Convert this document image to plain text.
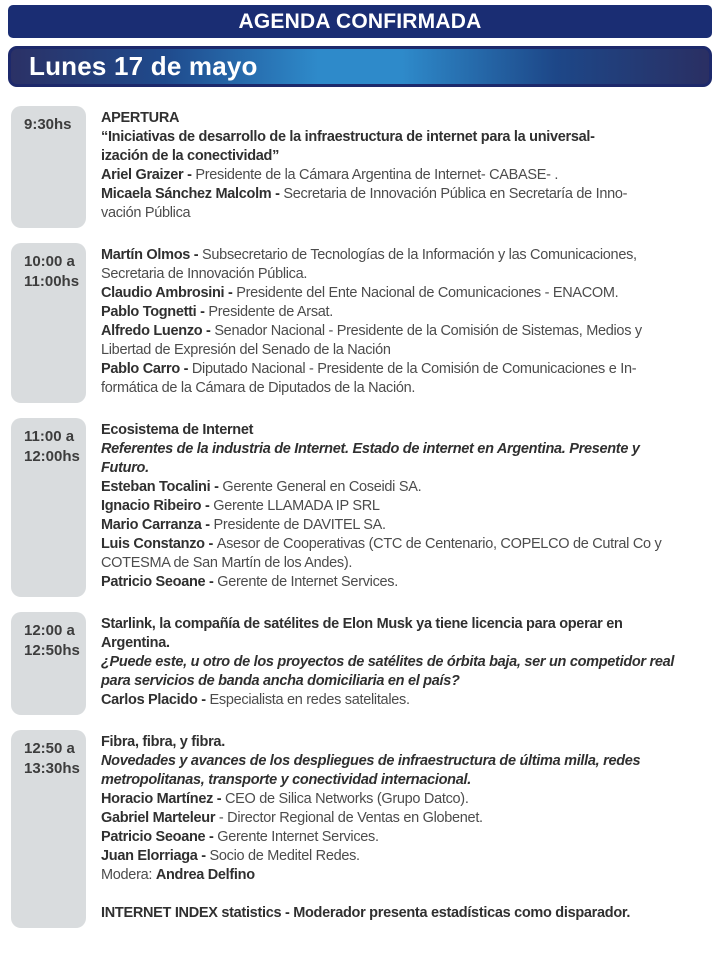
AGENDA CONFIRMADA
Lunes 17 de mayo
9:30hs	APERTURA
“Iniciativas de desarrollo de la infraestructura de internet para la universal-
ización de la conectividad”
Ariel Graizer - Presidente de la Cámara Argentina de Internet- CABASE- .
Micaela Sánchez Malcolm - Secretaria de Innovación Pública en Secretaría de Inno-
vación Pública
10:00 a
11:00hs
Martín Olmos - Subsecretario de Tecnologías de la Información y las Comunicaciones,
Secretaria de Innovación Pública.
Claudio Ambrosini - Presidente del Ente Nacional de Comunicaciones - ENACOM.
Pablo Tognetti - Presidente de Arsat.
Alfredo Luenzo - Senador Nacional - Presidente de la Comisión de Sistemas, Medios y
Libertad de Expresión del Senado de la Nación
Pablo Carro - Diputado Nacional - Presidente de la Comisión de Comunicaciones e In-
formática de la Cámara de Diputados de la Nación.
11:00 a
12:00hs
Ecosistema de Internet
Referentes de la industria de Internet. Estado de internet en Argentina. Presente y
Futuro.
Esteban Tocalini - Gerente General en Coseidi SA.
Ignacio Ribeiro - Gerente LLAMADA IP SRL
Mario Carranza - Presidente de DAVITEL SA.
Luis Constanzo - Asesor de Cooperativas (CTC de Centenario, COPELCO de Cutral Co y
COTESMA de San Martín de los Andes).
Patricio Seoane - Gerente de Internet Services.
12:00 a
12:50hs
Starlink, la compañía de satélites de Elon Musk ya tiene licencia para operar en
Argentina.
¿Puede este, u otro de los proyectos de satélites de órbita baja, ser un competidor real
para servicios de banda ancha domiciliaria en el país?
Carlos Placido - Especialista en redes satelitales.
12:50 a
13:30hs
Fibra, fibra, y fibra.
Novedades y avances de los despliegues de infraestructura de última milla, redes
metropolitanas, transporte y conectividad internacional.
Horacio Martínez - CEO de Silica Networks (Grupo Datco).
Gabriel Marteleur - Director Regional de Ventas en Globenet.
Patricio Seoane - Gerente Internet Services.
Juan Elorriaga - Socio de Meditel Redes.
Modera: Andrea Delfino
INTERNET INDEX statistics - Moderador presenta estadísticas como disparador.
